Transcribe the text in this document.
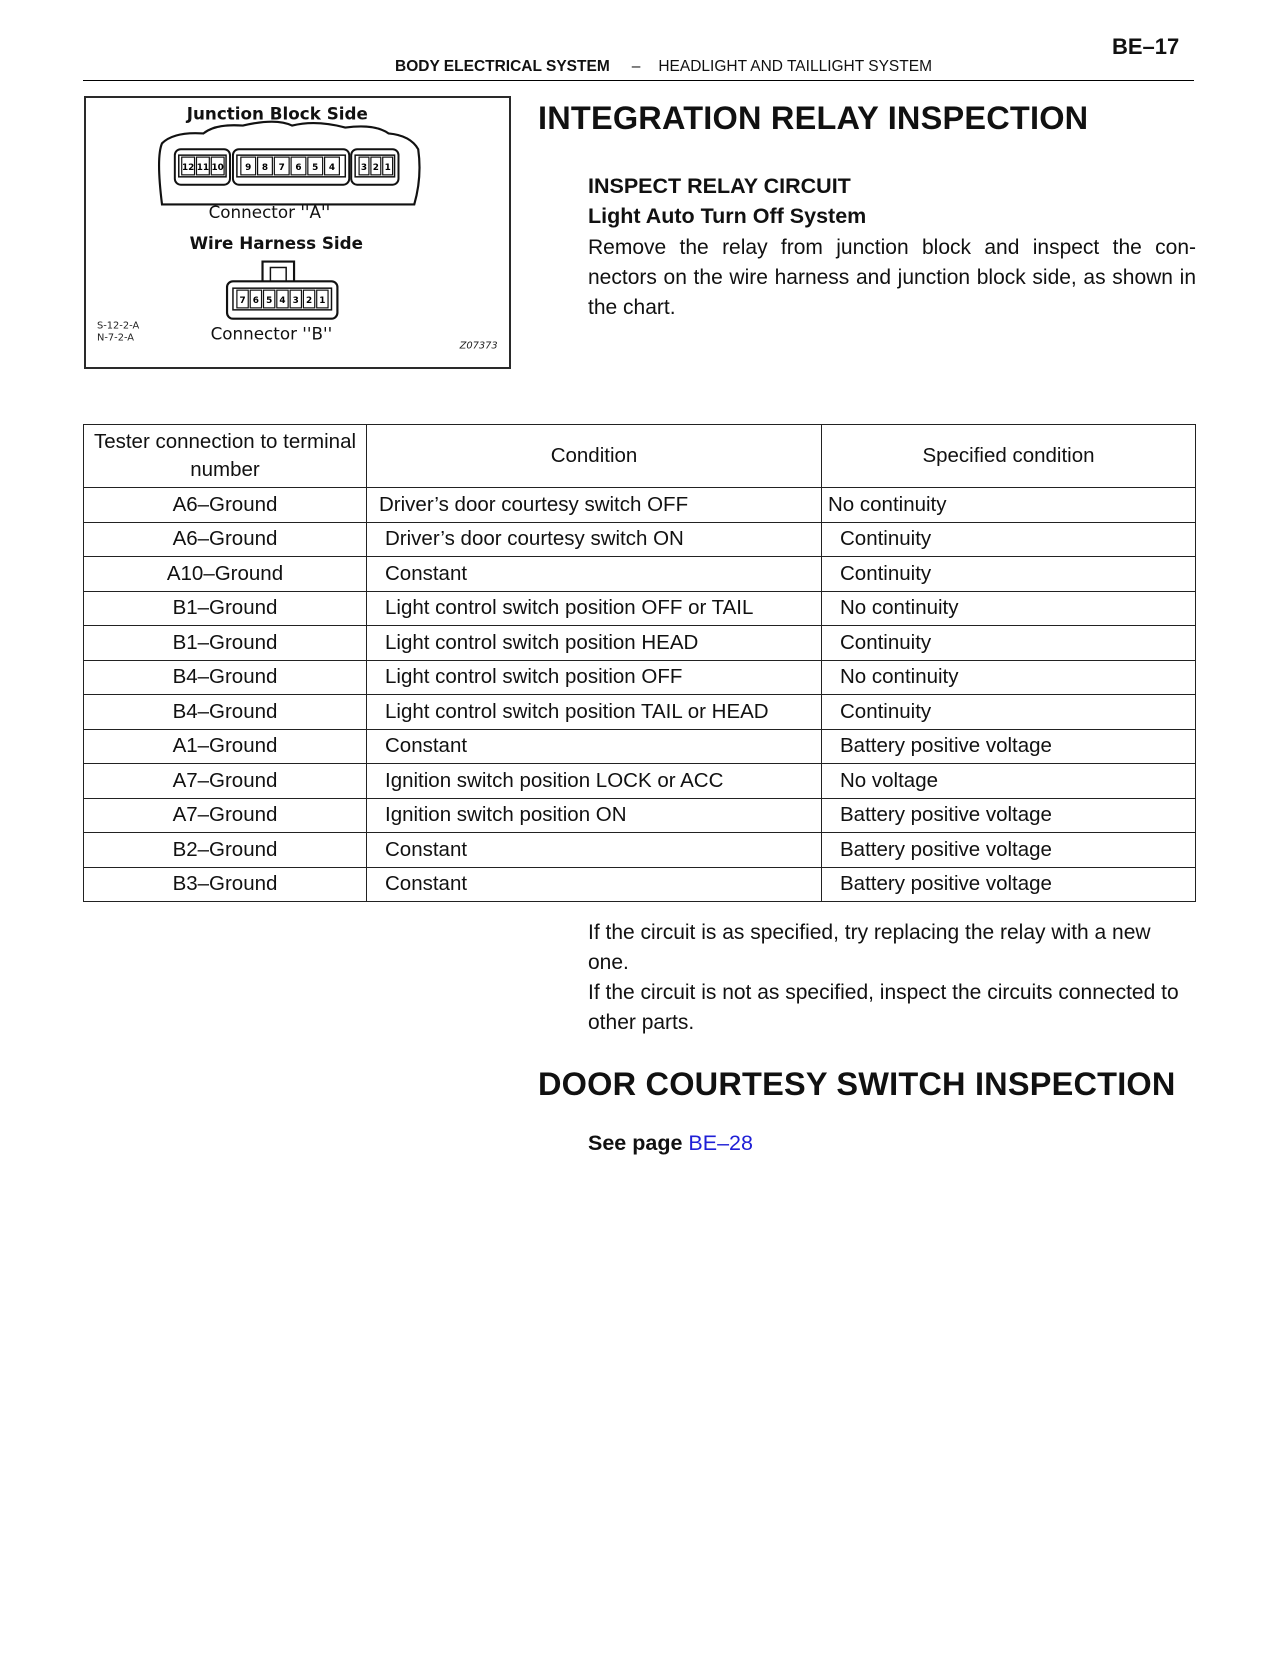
BE–17
BODY ELECTRICAL SYSTEM – HEADLIGHT AND TAILLIGHT SYSTEM
Junction Block Side
12 11 10 9 8 7 6 5 4	3 2 1
Connector ''A''
Wire Harness Side
7 6 5 4 3 2 1
Connector ''B''
S-12-2-A
N-7-2-A
Z07373
INTEGRATION RELAY INSPECTION
INSPECT RELAY CIRCUIT
Light Auto Turn Off System
Remove the relay from junction block and inspect the con- nectors on the wire harness and junction block side, as shown in the chart.
Tester connection to terminal number	Condition	Specified condition
A6–Ground	Driver’s door courtesy switch OFF	No continuity
A6–Ground	Driver’s door courtesy switch ON	Continuity
A10–Ground	Constant	Continuity
B1–Ground	Light control switch position OFF or TAIL	No continuity
B1–Ground	Light control switch position HEAD	Continuity
B4–Ground	Light control switch position OFF	No continuity
B4–Ground	Light control switch position TAIL or HEAD	Continuity
A1–Ground	Constant	Battery positive voltage
A7–Ground	Ignition switch position LOCK or ACC	No voltage
A7–Ground	Ignition switch position ON	Battery positive voltage
B2–Ground	Constant	Battery positive voltage
B3–Ground	Constant	Battery positive voltage
If the circuit is as specified, try replacing the relay with a new one.
If the circuit is not as specified, inspect the circuits connected to other parts.
DOOR COURTESY SWITCH INSPECTION
See page BE–28
